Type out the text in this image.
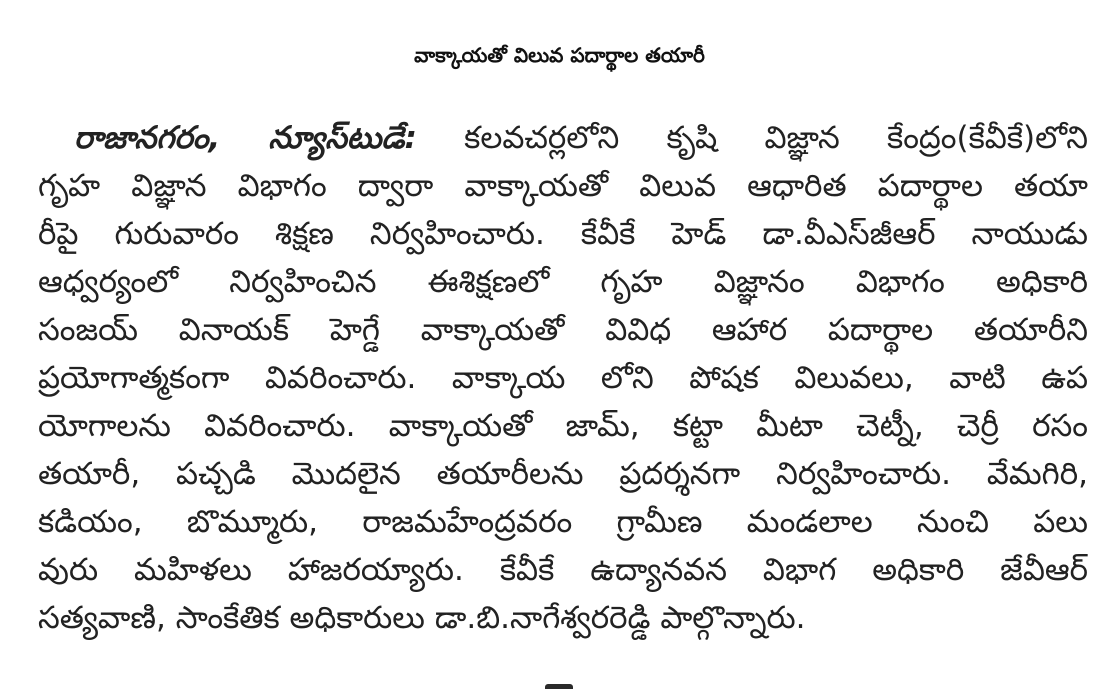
వాక్కాయతో విలువ పదార్థాల తయారీ
రాజానగరం, న్యూస్‌టుడే: కలవచర్లలోని కృషి విజ్ఞాన కేంద్రం(కేవీకే)లోని
గృహ విజ్ఞాన విభాగం ద్వారా వాక్కాయతో విలువ ఆధారిత పదార్థాల తయా
రీపై గురువారం శిక్షణ నిర్వహించారు. కేవీకే హెడ్ డా.వీఎస్‌జీఆర్ నాయుడు
ఆధ్వర్యంలో నిర్వహించిన ఈశిక్షణలో గృహ విజ్ఞానం విభాగం అధికారి
సంజయ్ వినాయక్ హెగ్డే వాక్కాయతో వివిధ ఆహార పదార్థాల తయారీని
ప్రయోగాత్మకంగా వివరించారు. వాక్కాయ లోని పోషక విలువలు, వాటి ఉప
యోగాలను వివరించారు. వాక్కాయతో జామ్, కట్టా మీటా చెట్నీ, చెర్రీ రసం
తయారీ, పచ్చడి మొదలైన తయారీలను ప్రదర్శనగా నిర్వహించారు. వేమగిరి,
కడియం, బొమ్మూరు, రాజమహేంద్రవరం గ్రామీణ మండలాల నుంచి పలు
వురు మహిళలు హాజరయ్యారు. కేవీకే ఉద్యానవన విభాగ అధికారి జేవీఆర్
సత్యవాణి, సాంకేతిక అధికారులు డా.బి.నాగేశ్వరరెడ్డి పాల్గొన్నారు.
